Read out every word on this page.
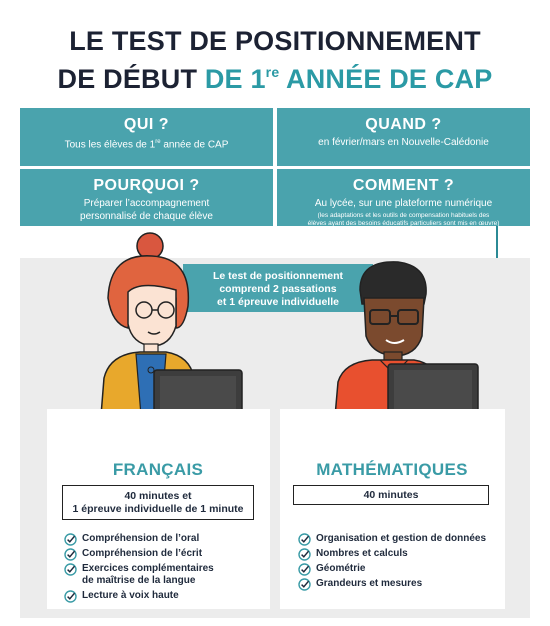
LE TEST DE POSITIONNEMENT
DE DÉBUT DE 1re ANNÉE DE CAP
QUI ?

Tous les élèves de 1re année de CAP

QUAND ?

en février/mars en Nouvelle-Calédonie

POURQUOI ?

Préparer l’accompagnement

personnalisé de chaque élève

COMMENT ?

Au lycée, sur une plateforme numérique

(les adaptations et les outils de compensation habituels des

élèves ayant des besoins éducatifs particuliers sont mis en œuvre)

Le test de positionnement
comprend 2 passations
et 1 épreuve individuelle
FRANÇAIS
40 minutes et
1 épreuve individuelle de 1 minute
Compréhension de l’oral
Compréhension de l’écrit
Exercices complémentaires
de maîtrise de la langue
Lecture à voix haute
MATHÉMATIQUES
40 minutes
Organisation et gestion de données
Nombres et calculs
Géométrie
Grandeurs et mesures
